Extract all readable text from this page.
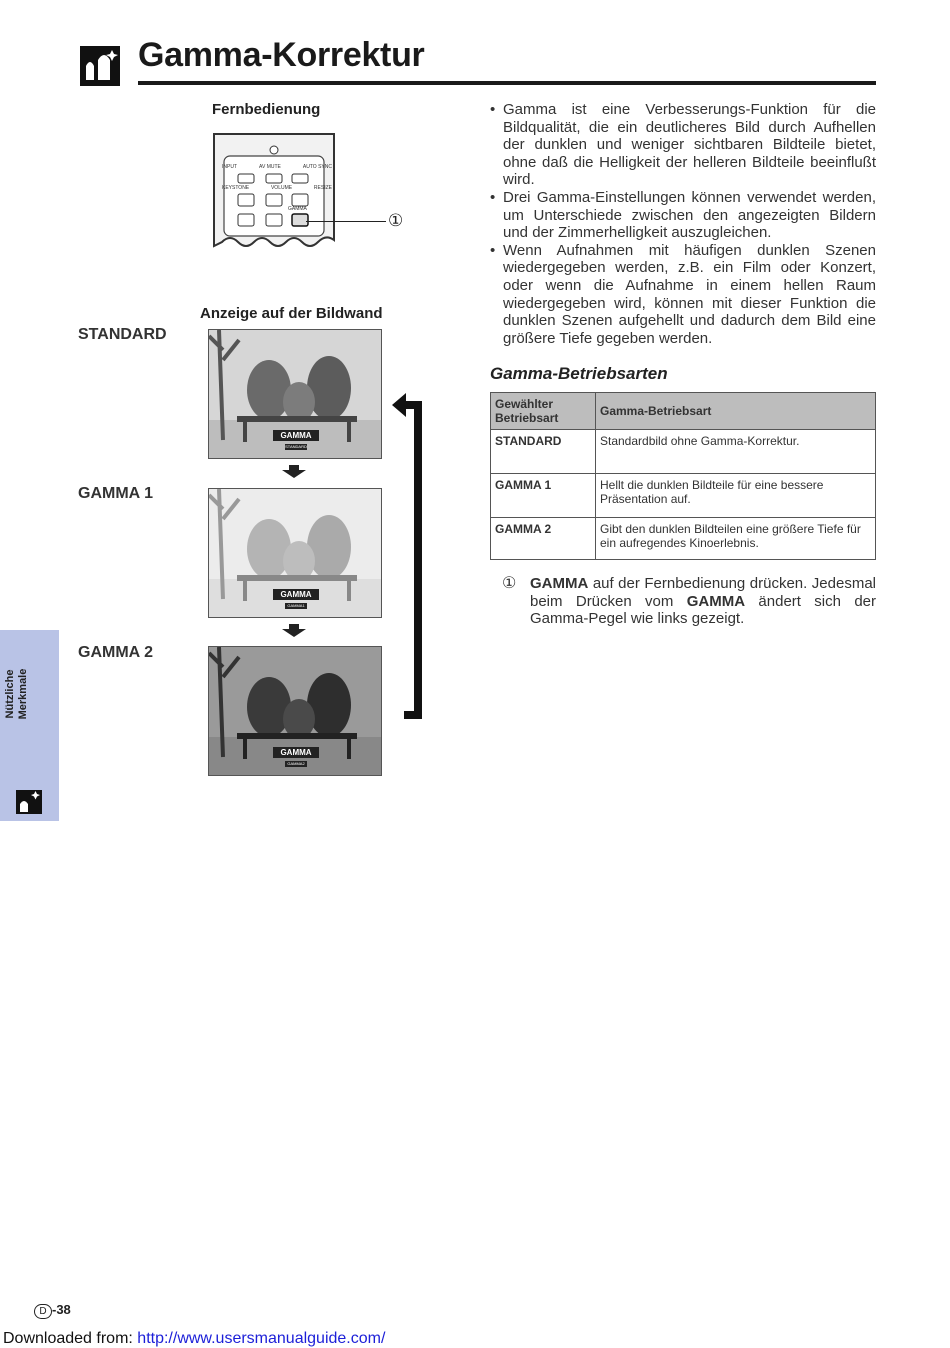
Gamma-Korrektur
Fernbedienung
INPUT	AV MUTE	AUTO SYNC
KEYSTONE	VOLUME	RESIZE
GAMMA
①
Anzeige auf der Bildwand
STANDARD
GAMMA
STANDARD
GAMMA 1
GAMMA
GAMMA1
GAMMA 2
GAMMA
GAMMA2
• Gamma ist eine Verbesserungs-Funktion für die Bildqualität, die ein deutlicheres Bild durch Aufhellen der dunklen und weniger sichtbaren Bildteile bietet, ohne daß die Helligkeit der helleren Bildteile beeinflußt wird.
• Drei Gamma-Einstellungen können verwendet werden, um Unterschiede zwischen den angezeigten Bildern und der Zimmerhelligkeit auszugleichen.
• Wenn Aufnahmen mit häufigen dunklen Szenen wiedergegeben werden, z.B. ein Film oder Konzert, oder wenn die Aufnahme in einem hellen Raum wiedergegeben wird, können mit dieser Funktion die dunklen Szenen aufgehellt und dadurch dem Bild eine größere Tiefe gegeben werden.
Gamma-Betriebsarten
Gewählter Betriebsart	Gamma-Betriebsart
STANDARD	Standardbild ohne Gamma-Korrektur.
GAMMA 1	Hellt die dunklen Bildteile für eine bessere Präsentation auf.
GAMMA 2	Gibt den dunklen Bildteilen eine größere Tiefe für ein aufregendes Kinoerlebnis.
① GAMMA auf der Fernbedienung drücken. Jedesmal beim Drücken vom GAMMA ändert sich der Gamma-Pegel wie links gezeigt.
Nützliche Merkmale
D -38
Downloaded from: http://www.usersmanualguide.com/
